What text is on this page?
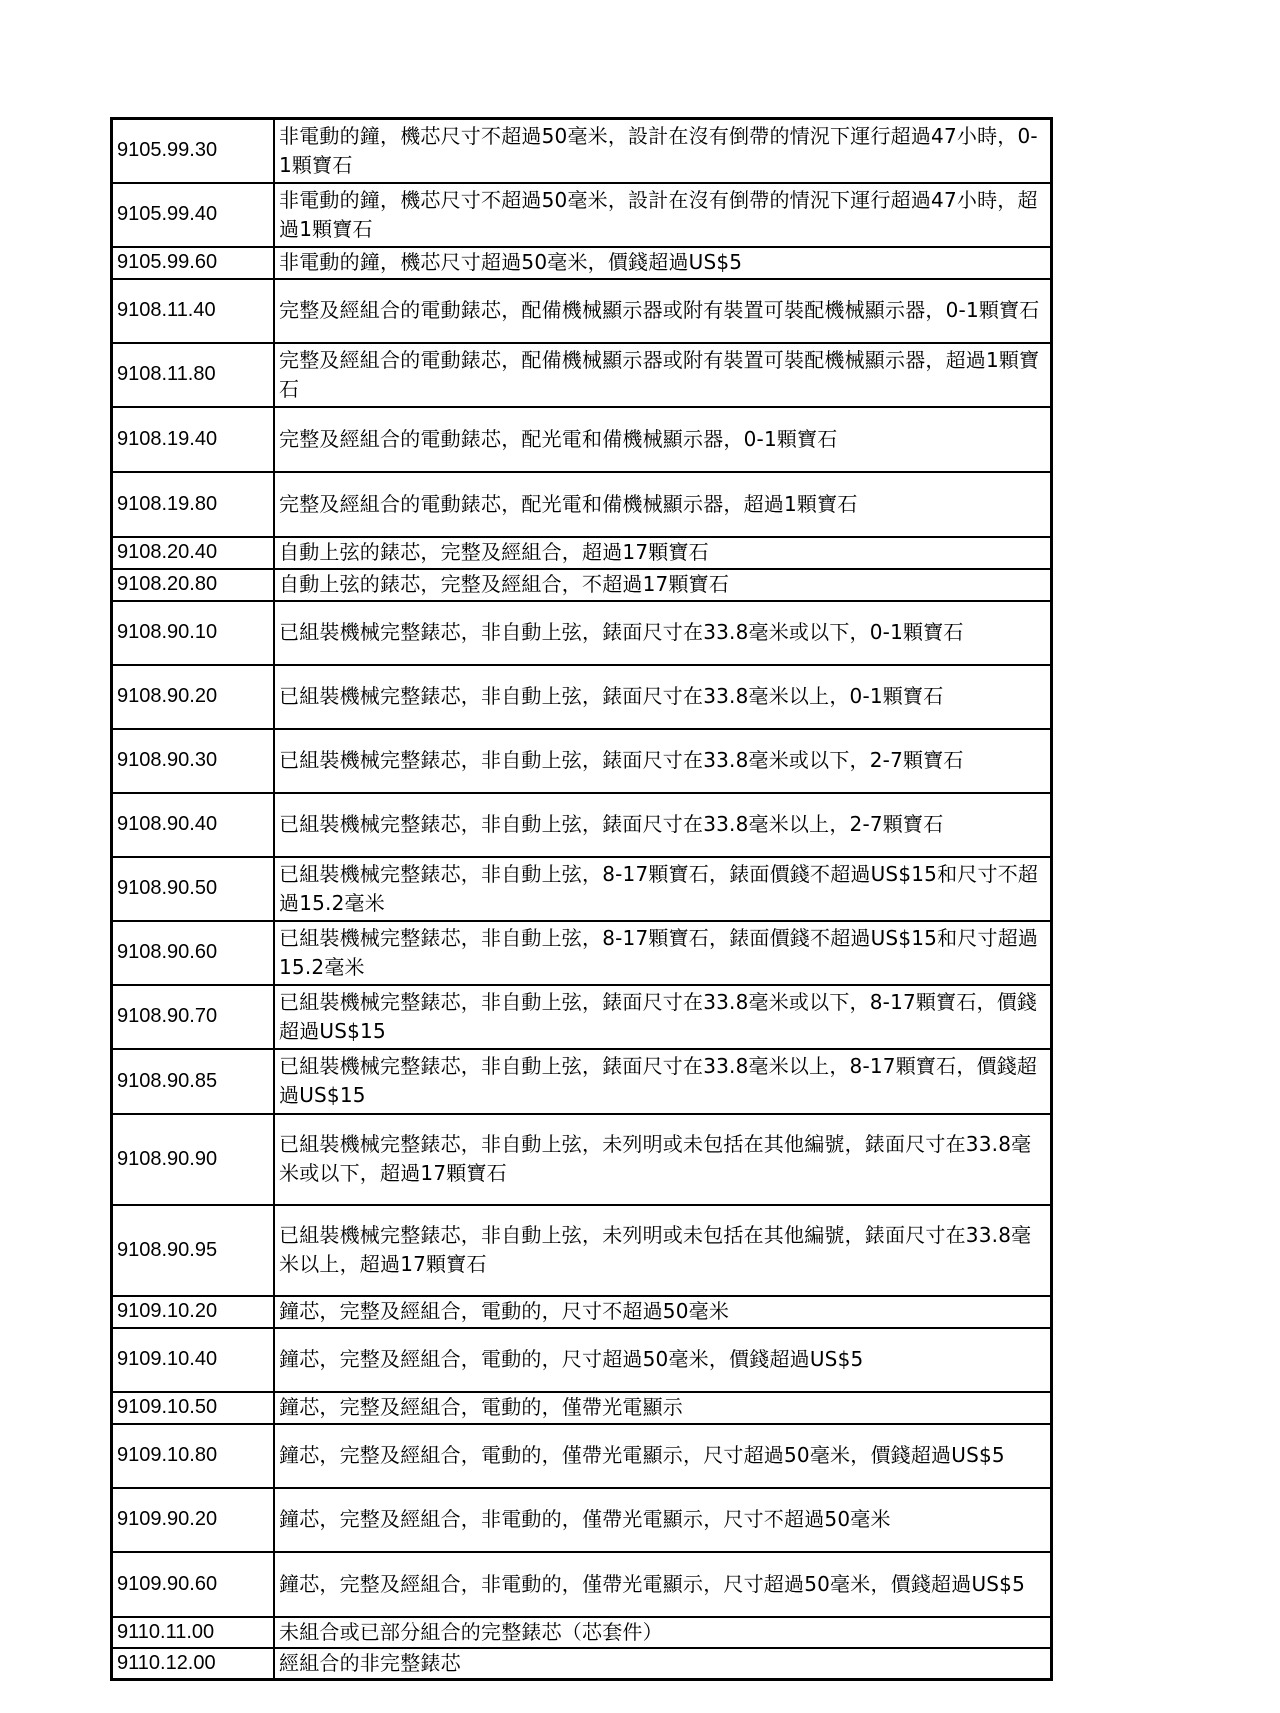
9105.99.30	非電動的鐘，機芯尺寸不超過50毫米，設計在沒有倒帶的情況下運行超過47小時，0-1顆寶石
9105.99.40	非電動的鐘，機芯尺寸不超過50毫米，設計在沒有倒帶的情況下運行超過47小時，超過1顆寶石
9105.99.60	非電動的鐘，機芯尺寸超過50毫米，價錢超過US$5
9108.11.40	完整及經組合的電動錶芯，配備機械顯示器或附有裝置可裝配機械顯示器，0-1顆寶石
9108.11.80	完整及經組合的電動錶芯，配備機械顯示器或附有裝置可裝配機械顯示器，超過1顆寶石
9108.19.40	完整及經組合的電動錶芯，配光電和備機械顯示器，0-1顆寶石
9108.19.80	完整及經組合的電動錶芯，配光電和備機械顯示器，超過1顆寶石
9108.20.40	自動上弦的錶芯，完整及經組合，超過17顆寶石
9108.20.80	自動上弦的錶芯，完整及經組合，不超過17顆寶石
9108.90.10	已組裝機械完整錶芯，非自動上弦，錶面尺寸在33.8毫米或以下，0-1顆寶石
9108.90.20	已組裝機械完整錶芯，非自動上弦，錶面尺寸在33.8毫米以上，0-1顆寶石
9108.90.30	已組裝機械完整錶芯，非自動上弦，錶面尺寸在33.8毫米或以下，2-7顆寶石
9108.90.40	已組裝機械完整錶芯，非自動上弦，錶面尺寸在33.8毫米以上，2-7顆寶石
9108.90.50	已組裝機械完整錶芯，非自動上弦，8-17顆寶石，錶面價錢不超過US$15和尺寸不超過15.2毫米
9108.90.60	已組裝機械完整錶芯，非自動上弦，8-17顆寶石，錶面價錢不超過US$15和尺寸超過15.2毫米
9108.90.70	已組裝機械完整錶芯，非自動上弦，錶面尺寸在33.8毫米或以下，8-17顆寶石，價錢超過US$15
9108.90.85	已組裝機械完整錶芯，非自動上弦，錶面尺寸在33.8毫米以上，8-17顆寶石，價錢超過US$15
9108.90.90	已組裝機械完整錶芯，非自動上弦，未列明或未包括在其他編號，錶面尺寸在33.8毫米或以下，超過17顆寶石
9108.90.95	已組裝機械完整錶芯，非自動上弦，未列明或未包括在其他編號，錶面尺寸在33.8毫米以上，超過17顆寶石
9109.10.20	鐘芯，完整及經組合，電動的，尺寸不超過50毫米
9109.10.40	鐘芯，完整及經組合，電動的，尺寸超過50毫米，價錢超過US$5
9109.10.50	鐘芯，完整及經組合，電動的，僅帶光電顯示
9109.10.80	鐘芯，完整及經組合，電動的，僅帶光電顯示，尺寸超過50毫米，價錢超過US$5
9109.90.20	鐘芯，完整及經組合，非電動的，僅帶光電顯示，尺寸不超過50毫米
9109.90.60	鐘芯，完整及經組合，非電動的，僅帶光電顯示，尺寸超過50毫米，價錢超過US$5
9110.11.00	未組合或已部分組合的完整錶芯（芯套件）
9110.12.00	經組合的非完整錶芯
